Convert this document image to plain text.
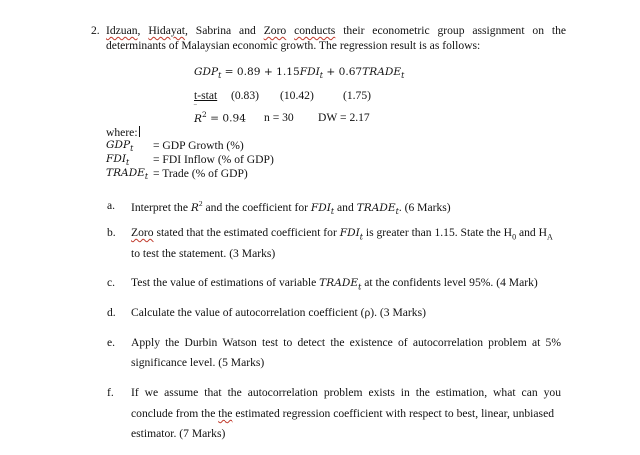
2. Idzuan, Hidayat, Sabrina and Zoro conducts their econometric group assignment on the
determinants of Malaysian economic growth. The regression result is as follows:
$GDP_t = 0.89 + 1.15FDI_t$ + $0.67TRADE_t$
t-stat (0.83) (10.42)	(1.75)
$R^2 = 0.94$
‾
n = 30 DW = 2.17
where:
$GDP_t$ = GDP Growth (%)
$FDI_t$ = FDI Inflow (% of GDP)
$TRADE_t$ = Trade (% of GDP)
a. Interpret the $R^2$ and the coefficient for $FDI_t$ and $TRADE_t$. (6 Marks)
b. Zoro stated that the estimated coefficient for $FDI_t$ is greater than 1.15. State the $H_0$ and $H_A$
to test the statement. (3 Marks)
c. Test the value of estimations of variable $TRADE_t$ at the confidents level 95%. (4 Mark)
d. Calculate the value of autocorrelation coefficient (ρ). (3 Marks)
e. Apply the Durbin Watson test to detect the existence of autocorrelation problem at 5%
significance level. (5 Marks)
f. If we assume that the autocorrelation problem exists in the estimation, what can you
conclude from the the estimated regression coefficient with respect to best, linear, unbiased
estimator. (7 Marks)
